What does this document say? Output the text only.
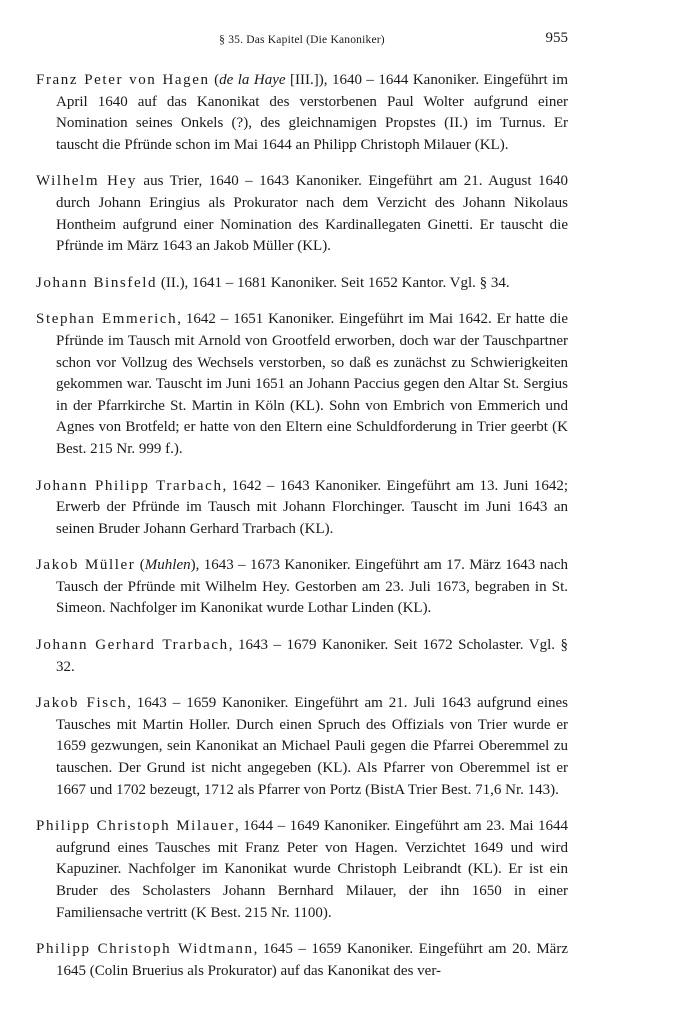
§ 35. Das Kapitel (Die Kanoniker)	955

Franz Peter von Hagen (de la Haye [III.]), 1640 – 1644 Kanoniker. Eingeführt im April 1640 auf das Kanonikat des verstorbenen Paul Wolter aufgrund einer Nomination seines Onkels (?), des gleichnamigen Propstes (II.) im Turnus. Er tauscht die Pfründe schon im Mai 1644 an Philipp Christoph Milauer (KL).

Wilhelm Hey aus Trier, 1640 – 1643 Kanoniker. Eingeführt am 21. August 1640 durch Johann Eringius als Prokurator nach dem Verzicht des Johann Nikolaus Hontheim aufgrund einer Nomination des Kardinallegaten Ginetti. Er tauscht die Pfründe im März 1643 an Jakob Müller (KL).

Johann Binsfeld (II.), 1641 – 1681 Kanoniker. Seit 1652 Kantor. Vgl. § 34.

Stephan Emmerich, 1642 – 1651 Kanoniker. Eingeführt im Mai 1642. Er hatte die Pfründe im Tausch mit Arnold von Grootfeld erworben, doch war der Tauschpartner schon vor Vollzug des Wechsels verstorben, so daß es zunächst zu Schwierigkeiten gekommen war. Tauscht im Juni 1651 an Johann Paccius gegen den Altar St. Sergius in der Pfarrkirche St. Martin in Köln (KL). Sohn von Embrich von Emmerich und Agnes von Brotfeld; er hatte von den Eltern eine Schuldforderung in Trier geerbt (K Best. 215 Nr. 999 f.).

Johann Philipp Trarbach, 1642 – 1643 Kanoniker. Eingeführt am 13. Juni 1642; Erwerb der Pfründe im Tausch mit Johann Florchinger. Tauscht im Juni 1643 an seinen Bruder Johann Gerhard Trarbach (KL).

Jakob Müller (Muhlen), 1643 – 1673 Kanoniker. Eingeführt am 17. März 1643 nach Tausch der Pfründe mit Wilhelm Hey. Gestorben am 23. Juli 1673, begraben in St. Simeon. Nachfolger im Kanonikat wurde Lothar Linden (KL).

Johann Gerhard Trarbach, 1643 – 1679 Kanoniker. Seit 1672 Scholaster. Vgl. § 32.

Jakob Fisch, 1643 – 1659 Kanoniker. Eingeführt am 21. Juli 1643 aufgrund eines Tausches mit Martin Holler. Durch einen Spruch des Offizials von Trier wurde er 1659 gezwungen, sein Kanonikat an Michael Pauli gegen die Pfarrei Oberemmel zu tauschen. Der Grund ist nicht angegeben (KL). Als Pfarrer von Oberemmel ist er 1667 und 1702 bezeugt, 1712 als Pfarrer von Portz (BistA Trier Best. 71,6 Nr. 143).

Philipp Christoph Milauer, 1644 – 1649 Kanoniker. Eingeführt am 23. Mai 1644 aufgrund eines Tausches mit Franz Peter von Hagen. Verzichtet 1649 und wird Kapuziner. Nachfolger im Kanonikat wurde Christoph Leibrandt (KL). Er ist ein Bruder des Scholasters Johann Bernhard Milauer, der ihn 1650 in einer Familiensache vertritt (K Best. 215 Nr. 1100).

Philipp Christoph Widtmann, 1645 – 1659 Kanoniker. Eingeführt am 20. März 1645 (Colin Bruerius als Prokurator) auf das Kanonikat des ver-
